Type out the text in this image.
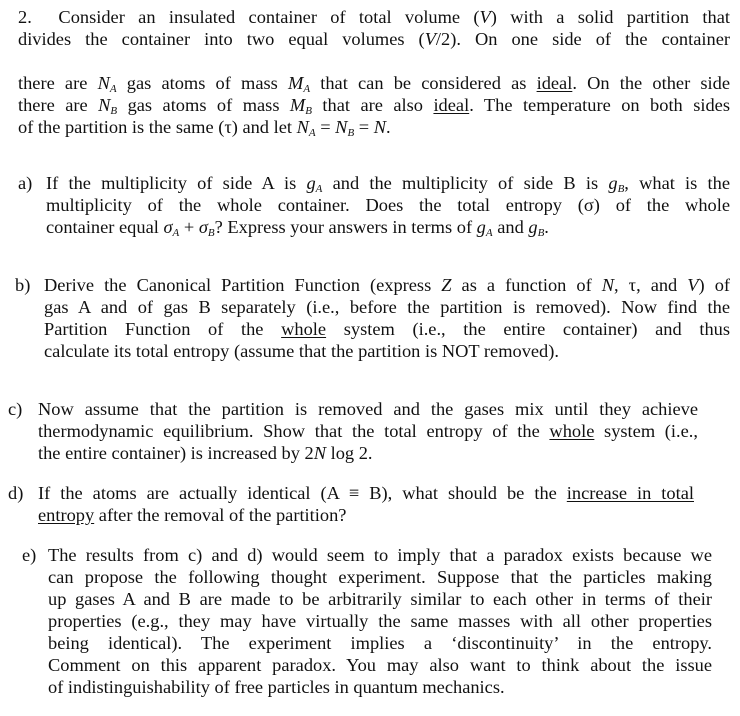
2.  Consider an insulated container of total volume (V) with a solid partition that
divides the container into two equal volumes (V/2). On one side of the container
there are $N_A$ gas atoms of mass $M_A$ that can be considered as ideal. On the other side
there are $N_B$ gas atoms of mass $M_B$ that are also ideal. The temperature on both sides
of the partition is the same (τ) and let $N_A = N_B = N$.
a) If the multiplicity of side A is $g_A$ and the multiplicity of side B is $g_B$, what is the
multiplicity of the whole container. Does the total entropy (σ) of the whole
container equal $\sigma_A + \sigma_B$? Express your answers in terms of $g_A$ and $g_B$.
b) Derive the Canonical Partition Function (express Z as a function of N, τ, and V) of
gas A and of gas B separately (i.e., before the partition is removed). Now find the
Partition Function of the whole system (i.e., the entire container) and thus
calculate its total entropy (assume that the partition is NOT removed).
c) Now assume that the partition is removed and the gases mix until they achieve
thermodynamic equilibrium. Show that the total entropy of the whole system (i.e.,
the entire container) is increased by 2N log 2.
d) If the atoms are actually identical (A ≡ B), what should be the increase in total
entropy after the removal of the partition?
e) The results from c) and d) would seem to imply that a paradox exists because we
can propose the following thought experiment. Suppose that the particles making
up gases A and B are made to be arbitrarily similar to each other in terms of their
properties (e.g., they may have virtually the same masses with all other properties
being identical). The experiment implies a ‘discontinuity’ in the entropy.
Comment on this apparent paradox. You may also want to think about the issue
of indistinguishability of free particles in quantum mechanics.
